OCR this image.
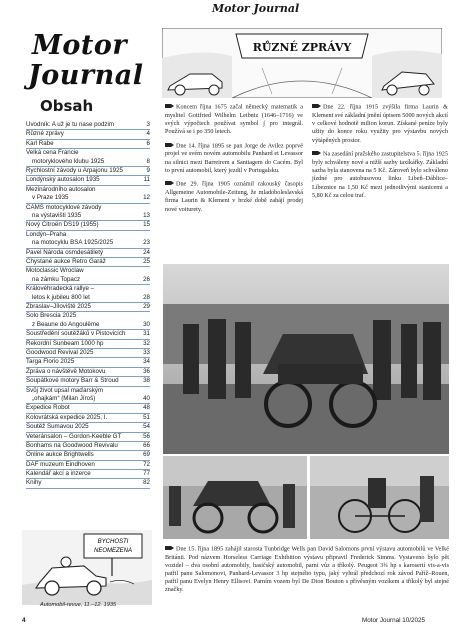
Motor Journal
Motor
Journal
Obsah
Úvodník: A už je tu nase podzim	3
Různé zprávy	4
Karl Rabe	6
Velká cena Francie
motoryklového klubu 1925	8
Rychlostní závody u Arpajonu 1925	9
Londýnský autosalon 1935	11
Mezinárodního autosalon
v Praze 1935	12
ČAMS motocyklové závody
na výstavišti 1935	13
Nový Citroën DS19 (1955)	15
Londýn–Praha
na motocyklu BSA 1925/2025	23
Pavel Národa osmdesátiletý	24
Chystané aukce Retro Garáž	25
Motoclassic Wroclaw
na zámku Topacz	26
Královéhradecká rallye –
letos k jubileu 800 let	28
Zbraslav–Jíloviště 2025	29
Solo Brescia 2025
z Beaune do Angoulême	30
Soustředění soutěžáků v Pistovicích	31
Rekordní Sunbeam 1000 hp	32
Goodwood Revival 2025	33
Targa Florio 2025	34
Zpráva o návštěvě Motokovu	36
Soupátkové motory Barr & Stroud	38
Svůj život upsal maďarským
„ohajkám“ (Milan Jíroš)	40
Expedice Robot	48
Kolovrátská expedice 2025, I.	51
Soutěž Šumavou 2025	54
Veteránsalon – Gordon-Keeble GT	56
Bonhams na Goodwood Revivalu	66
Online aukce Brightwells	69
DAF muzeum Eindhoven	72
Kalendář akcí a inzerce	77
Knihy	82
BYCHOSTI
NEOMEZENA
Automobil-revue, 11.–12. 1935
RŮZNÉ ZPRÁVY

Koncem října 1675 začal německý matematik a myslitel Gottfried Wilhelm Leibniz (1646–1716) ve svých výpočtech používat symbol ∫ pro integrál. Používá se i po 350 letech.

Dne 14. října 1895 se pan Jorge de Avilez poprvé projel ve svém novém automobilu Panhard et Levassor na silnici mezi Barreirem a Santiagem do Cacém. Byl to první automobil, který jezdil v Portugalsku.

Dne 29. října 1905 oznámil rakouský časopis Allgemeine Automobile-Zeitung, že mladoboleslavská firma Laurin & Klement v brzké době zahájí prodej nové voiturety.

Dne 22. října 1915 zvýšila firma Laurin & Klement své základní jmění úpisem 5000 nových akcií v celkové hodnotě milion korun. Získané peníze byly užity do konce roku využity pro výstavbu nových výtápěných prostor.

Na zasedání pražského zastupitelstva 5. října 1925 byly schváleny nové a nižší sazby taxíkářky. Základní sazba byla stanovena na 5 Kč. Zároveň bylo schváleno jízdné pro autobusovou linku Libeň–Dáblice–Líbeznice na 1,50 Kč mezi jednotlivými stanicemi a 5,80 Kč za celou trať.

Dne 15. října 1895 zahájil starosta Tunbridge Wells pan David Salomons první výstavu automobilů ve Velké Británii. Pod názvem Horseless Carriage Exhibition výstavu připravil Frederick Simms. Vystaveno bylo pět vozidel – dva osobní automobily, hasičský automobil, parní vůz a tříkolý. Peugeot 3¾ hp s karoserií vis-a-vis patřil panu Salomonovi, Panhard-Levassor 3 hp stejného typu, jaký vyhrál předchozí rok závod Paříž–Rouen, patřil panu Evelyn Henry Ellisovi. Parním vozem byl De Dion Bouton s přívěsným vozíkem a tříkolý byl stejné značky.
4	Motor Journal 10/2025
